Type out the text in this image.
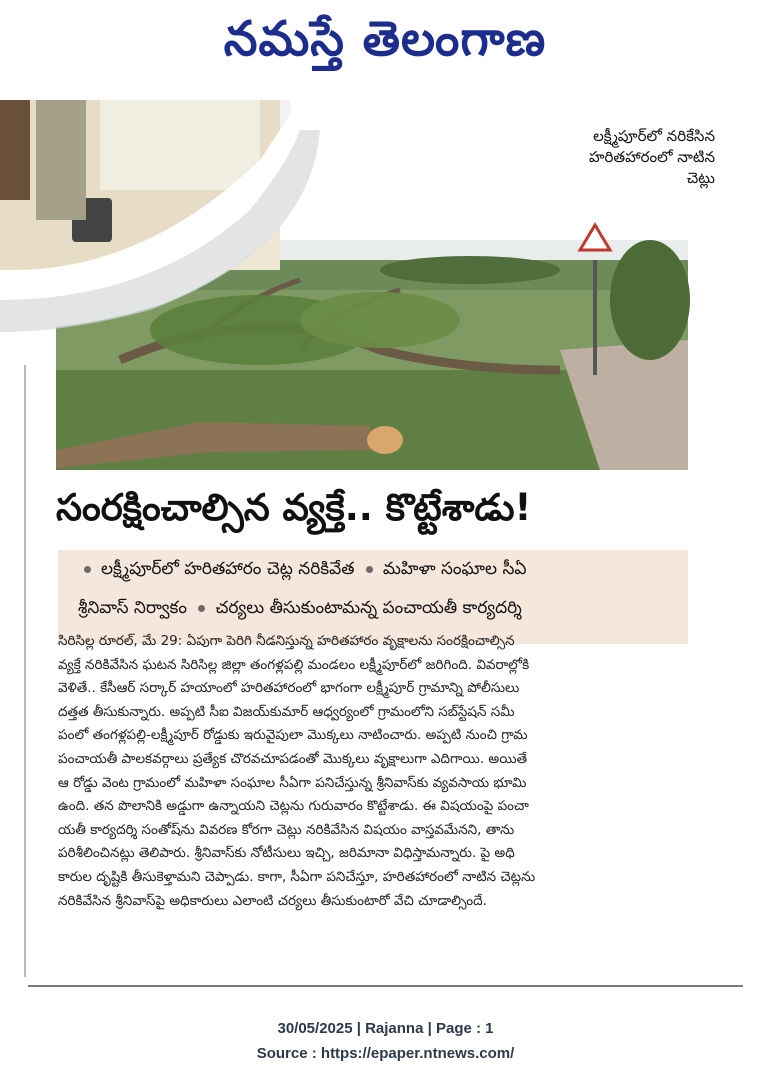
నమస్తే తెలంగాణ
లక్ష్మీపూర్‌లో నరికేసిన
హరితహారంలో నాటిన
చెట్లు
సంరక్షించాల్సిన వ్యక్తే.. కొట్టేశాడు!
లక్ష్మీపూర్‌లో హరితహారం చెట్ల నరికివేత మహిళా సంఘాల సీఏ
శ్రీనివాస్ నిర్వాకం చర్యలు తీసుకుంటామన్న పంచాయతీ కార్యదర్శి

సిరిసిల్ల రూరల్, మే 29: ఏపుగా పెరిగి నీడనిస్తున్న హరితహారం వృక్షాలను సంరక్షించాల్సిన
వ్యక్తే నరికివేసిన ఘటన సిరిసిల్ల జిల్లా తంగళ్లపల్లి మండలం లక్ష్మీపూర్‌లో జరిగింది. వివరాల్లోకి
వెళితే.. కేసీఆర్ సర్కార్ హయాంలో హరితహారంలో భాగంగా లక్ష్మీపూర్ గ్రామాన్ని పోలీసులు
దత్తత తీసుకున్నారు. అప్పటి సీఐ విజయ్‌కుమార్ ఆధ్వర్యంలో గ్రామంలోని సబ్‌స్టేషన్ సమీ
పంలో తంగళ్లపల్లి-లక్ష్మీపూర్ రోడ్డుకు ఇరువైపులా మొక్కలు నాటించారు. అప్పటి నుంచి గ్రామ
పంచాయతీ పాలకవర్గాలు ప్రత్యేక చొరవచూపడంతో మొక్కలు వృక్షాలుగా ఎదిగాయి. అయితే
ఆ రోడ్డు వెంట గ్రామంలో మహిళా సంఘాల సీఏగా పనిచేస్తున్న శ్రీనివాస్‌కు వ్యవసాయ భూమి
ఉంది. తన పొలానికి అడ్డుగా ఉన్నాయని చెట్లను గురువారం కొట్టేశాడు. ఈ విషయంపై పంచా
యతీ కార్యదర్శి సంతోష్‌ను వివరణ కోరగా చెట్లు నరికివేసిన విషయం వాస్తవమేనని, తాను
పరిశీలించినట్లు తెలిపారు. శ్రీనివాస్‌కు నోటీసులు ఇచ్చి, జరిమానా విధిస్తామన్నారు. పై అధి
కారుల దృష్టికి తీసుకెళ్తామని చెప్పాడు. కాగా, సీఏగా పనిచేస్తూ, హరితహారంలో నాటిన చెట్లను
నరికివేసిన శ్రీనివాస్‌పై అధికారులు ఎలాంటి చర్యలు తీసుకుంటారో వేచి చూడాల్సిందే.

30/05/2025 | Rajanna | Page : 1
Source : https://epaper.ntnews.com/
